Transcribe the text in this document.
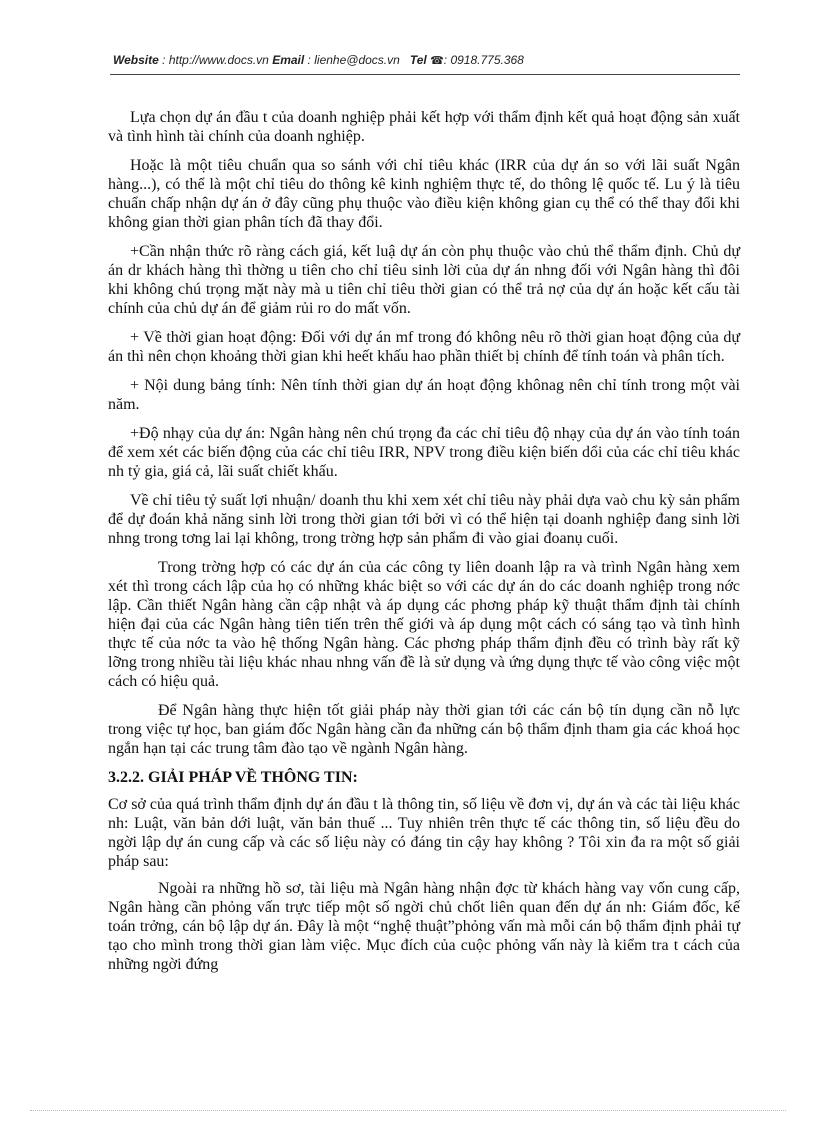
Website : http://www.docs.vn Email : lienhe@docs.vn Tel ☎: 0918.775.368

Lựa chọn dự án đầu t của doanh nghiệp phải kết hợp với thẩm định kết quả hoạt động sản xuất và tình hình tài chính của doanh nghiệp.

Hoặc là một tiêu chuẩn qua so sánh với chỉ tiêu khác (IRR của dự án so với lãi suất Ngân hàng...), có thể là một chỉ tiêu do thông kê kinh nghiệm thực tế, do thông lệ quốc tế. Lu ý là tiêu chuẩn chấp nhận dự án ở đây cũng phụ thuộc vào điều kiện không gian cụ thể có thể thay đổi khi không gian thời gian phân tích đã thay đổi.

+Cần nhận thức rõ ràng cách giá, kết luậ dự án còn phụ thuộc vào chủ thể thẩm định. Chủ dự án dr khách hàng thì thờng u tiên cho chỉ tiêu sinh lời của dự án nhng đối với Ngân hàng thì đôi khi không chú trọng mặt này mà u tiên chỉ tiêu thời gian có thể trả nợ của dự án hoặc kết cấu tài chính của chủ dự án để giảm rủi ro do mất vốn.

+ Về thời gian hoạt động: Đối với dự án mf trong đó không nêu rõ thời gian hoạt động của dự án thì nên chọn khoảng thời gian khi heết khấu hao phần thiết bị chính để tính toán và phân tích.

+ Nội dung bảng tính: Nên tính thời gian dự án hoạt động khônag nên chỉ tính trong một vài năm.

+Độ nhạy của dự án: Ngân hàng nên chú trọng đa các chỉ tiêu độ nhạy của dự án vào tính toán để xem xét các biến động của các chỉ tiêu IRR, NPV trong điều kiện biến dổi của các chỉ tiêu khác nh tỷ gia, giá cả, lãi suất chiết khấu.

Về chỉ tiêu tỷ suất lợi nhuận/ doanh thu khi xem xét chỉ tiêu này phải dựa vaò chu kỳ sản phẩm để dự đoán khả năng sinh lời trong thời gian tới bởi vì có thể hiện tại doanh nghiệp đang sinh lời nhng trong tơng lai lại không, trong trờng hợp sản phẩm đi vào giai đoanụ cuối.

Trong trờng hợp có các dự án của các công ty liên doanh lập ra và trình Ngân hàng xem xét thì trong cách lập của họ có những khác biệt so với các dự án do các doanh nghiệp trong nớc lập. Cần thiết Ngân hàng cần cập nhật và áp dụng các phơng pháp kỹ thuật thẩm định tài chính hiện đại của các Ngân hàng tiên tiến trên thế giới và áp dụng một cách có sáng tạo và tình hình thực tế của nớc ta vào hệ thống Ngân hàng. Các phơng pháp thẩm định đều có trình bày rất kỹ lỡng trong nhiều tài liệu khác nhau nhng vấn đề là sử dụng và ứng dụng thực tế vào công việc một cách có hiệu quả.

Để Ngân hàng thực hiện tốt giải pháp này thời gian tới các cán bộ tín dụng cần nỗ lực trong việc tự học, ban giám đốc Ngân hàng cần đa những cán bộ thẩm định tham gia các khoá học ngắn hạn tại các trung tâm đào tạo về ngành Ngân hàng.

3.2.2. GIẢI PHÁP VỀ THÔNG TIN:

Cơ sở của quá trình thẩm định dự án đầu t là thông tin, số liệu về đơn vị, dự án và các tài liệu khác nh: Luật, văn bản dới luật, văn bản thuế ... Tuy nhiên trên thực tế các thông tin, số liệu đều do ngời lập dự án cung cấp và các số liệu này có đáng tin cậy hay không ? Tôi xin đa ra một số giải pháp sau:

Ngoài ra những hồ sơ, tài liệu mà Ngân hàng nhận đợc từ khách hàng vay vốn cung cấp, Ngân hàng cần phỏng vấn trực tiếp một số ngời chủ chốt liên quan đến dự án nh: Giám đốc, kế toán trởng, cán bộ lập dự án. Đây là một “nghệ thuật”phỏng vấn mà mỗi cán bộ thẩm định phải tự tạo cho mình trong thời gian làm việc. Mục đích của cuộc phỏng vấn này là kiểm tra t cách của những ngời đứng
